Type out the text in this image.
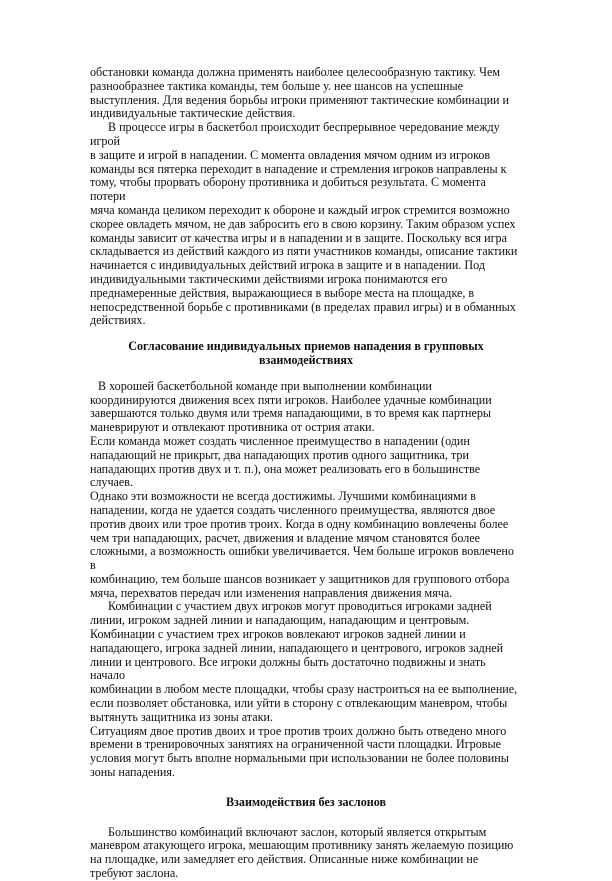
обстановки команда должна применять наиболее целесообразную тактику. Чем
разнообразнее тактика команды, тем больше у. нее шансов на успешные
выступления. Для ведения борьбы игроки применяют тактические комбинации и
индивидуальные тактические действия.

В процессе игры в баскетбол происходит беспрерывное чередование между игрой
в защите и игрой в нападении. С момента овладения мячом одним из игроков
команды вся пятерка переходит в нападение и стремления игроков направлены к
тому, чтобы прорвать оборону противника и добиться результата. С момента потери
мяча команда целиком переходит к обороне и каждый игрок стремится возможно
скорее овладеть мячом, не дав забросить его в свою корзину. Таким образом успех
команды зависит от качества игры и в нападении и в защите. Поскольку вся игра
складывается из действий каждого из пяти участников команды, описание тактики
начинается с индивидуальных действий игрока в защите и в нападении. Под
индивидуальными тактическими действиями игрока понимаются его
преднамеренные действия, выражающиеся в выборе места на площадке, в
непосредственной борьбе с противниками (в пределах правил игры) и в обманных
действиях.

Согласование индивидуальных приемов нападения в групповых
взаимодействиях

В хорошей баскетбольной команде при выполнении комбинации
координируются движения всех пяти игроков. Наиболее удачные комбинации
завершаются только двумя или тремя нападающими, в то время как партнеры
маневрируют и отвлекают противника от острия атаки.

Если команда может создать численное преимущество в нападении (один
нападающий не прикрыт, два нападающих против одного защитника, три
нападающих против двух и т. п.), она может реализовать его в большинстве случаев.
Однако эти возможности не всегда достижимы. Лучшими комбинациями в
нападении, когда не удается создать численного преимущества, являются двое
против двоих или трое против троих. Когда в одну комбинацию вовлечены более
чем три нападающих, расчет, движения и владение мячом становятся более
сложными, а возможность ошибки увеличивается. Чем больше игроков вовлечено в
комбинацию, тем больше шансов возникает у защитников для группового отбора
мяча, перехватов передач или изменения направления движения мяча.

Комбинации с участием двух игроков могут проводиться игроками задней
линии, игроком задней линии и нападающим, нападающим и центровым.
Комбинации с участием трех игроков вовлекают игроков задней линии и
нападающего, игрока задней линии, нападающего и центрового, игроков задней
линии и центрового. Все игроки должны быть достаточно подвижны и знать начало
комбинации в любом месте площадки, чтобы сразу настроиться на ее выполнение,
если позволяет обстановка, или уйти в сторону с отвлекающим маневром, чтобы
вытянуть защитника из зоны атаки.

Ситуациям двое против двоих и трое против троих должно быть отведено много
времени в тренировочных занятиях на ограниченной части площадки. Игровые
условия могут быть вполне нормальными при использовании не более половины
зоны нападения.

Взаимодействия без заслонов

Большинство комбинаций включают заслон, который является открытым
маневром атакующего игрока, мешающим противнику занять желаемую позицию
на площадке, или замедляет его действия. Описанные ниже комбинации не
требуют заслона.
